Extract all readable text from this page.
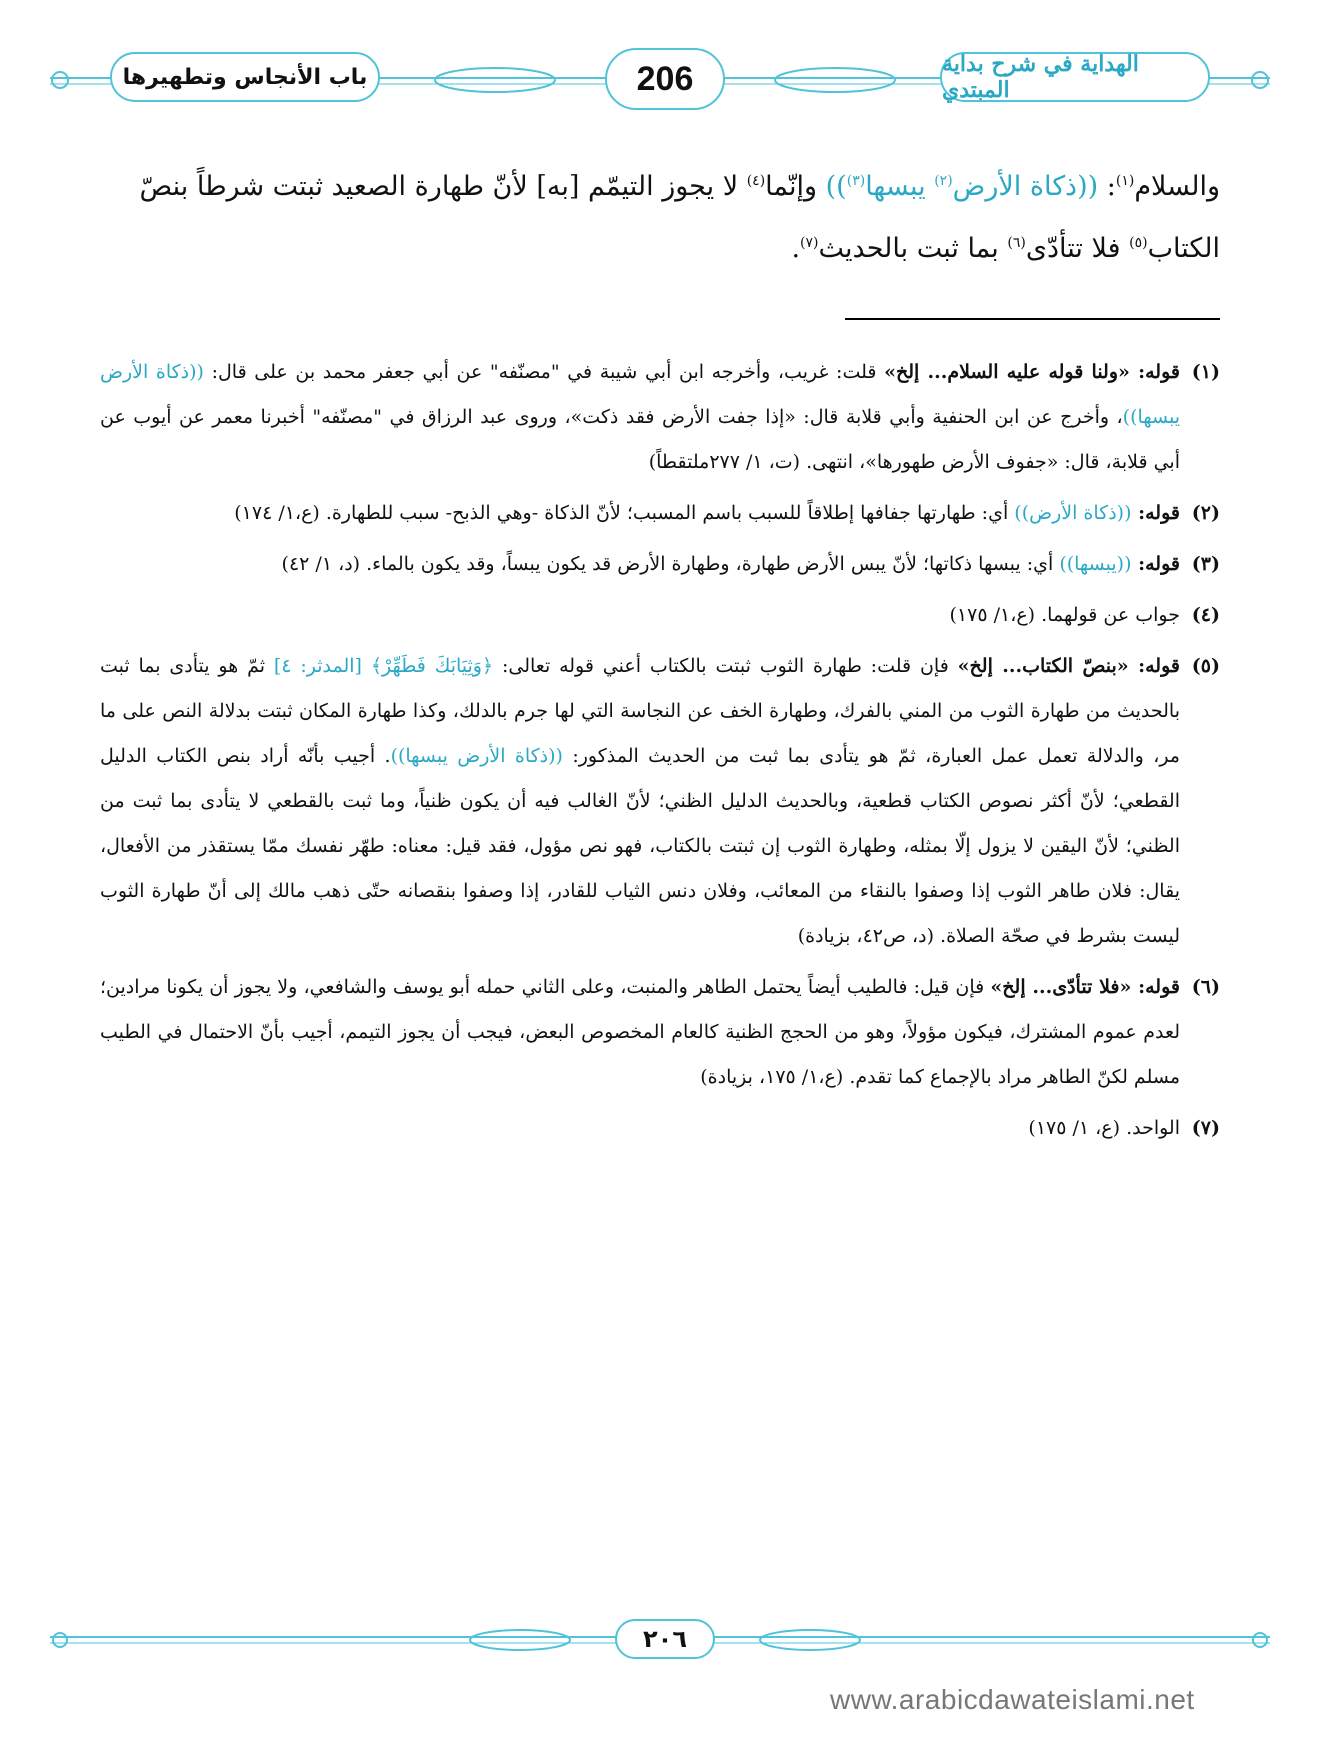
باب الأنجاس وتطهيرها	206	الهداية في شرح بداية المبتدي

والسلام$^{(١)}$: ((ذكاة الأرض$^{(٢)}$ يبسها$^{(٣)}$)) وإنّما$^{(٤)}$ لا يجوز التيمّم [به] لأنّ طهارة الصعيد ثبتت شرطاً بنصّ

الكتاب$^{(٥)}$ فلا تتأدّى$^{(٦)}$ بما ثبت بالحديث$^{(٧)}$.

(١)
قوله: «ولنا قوله عليه السلام... إلخ» قلت: غريب، وأخرجه ابن أبي شيبة في "مصنّفه" عن أبي جعفر محمد بن على قال: ((ذكاة الأرض يبسها))، وأخرج عن ابن الحنفية وأبي قلابة قال: «إذا جفت الأرض فقد ذكت»، وروى عبد الرزاق في "مصنّفه" أخبرنا معمر عن أيوب عن أبي قلابة، قال: «جفوف الأرض طهورها»، انتهى. (ت، ١/ ٢٧٧ملتقطاً)

(٢)
قوله: ((ذكاة الأرض)) أي: طهارتها جفافها إطلاقاً للسبب باسم المسبب؛ لأنّ الذكاة -وهي الذبح- سبب للطهارة. (ع،١/ ١٧٤)

(٣)
قوله: ((يبسها)) أي: يبسها ذكاتها؛ لأنّ يبس الأرض طهارة، وطهارة الأرض قد يكون يبساً، وقد يكون بالماء. (د، ١/ ٤٢)

(٤)
جواب عن قولهما. (ع،١/ ١٧٥)

(٥)
قوله: «بنصّ الكتاب... إلخ» فإن قلت: طهارة الثوب ثبتت بالكتاب أعني قوله تعالى: ﴿وَثِيَابَكَ فَطَهِّرْ﴾ [المدثر: ٤] ثمّ هو يتأدى بما ثبت بالحديث من طهارة الثوب من المني بالفرك، وطهارة الخف عن النجاسة التي لها جرم بالدلك، وكذا طهارة المكان ثبتت بدلالة النص على ما مر، والدلالة تعمل عمل العبارة، ثمّ هو يتأدى بما ثبت من الحديث المذكور: ((ذكاة الأرض يبسها)). أجيب بأنّه أراد بنص الكتاب الدليل القطعي؛ لأنّ أكثر نصوص الكتاب قطعية، وبالحديث الدليل الظني؛ لأنّ الغالب فيه أن يكون ظنياً، وما ثبت بالقطعي لا يتأدى بما ثبت من الظني؛ لأنّ اليقين لا يزول إلّا بمثله، وطهارة الثوب إن ثبتت بالكتاب، فهو نص مؤول، فقد قيل: معناه: طهّر نفسك ممّا يستقذر من الأفعال، يقال: فلان طاهر الثوب إذا وصفوا بالنقاء من المعائب، وفلان دنس الثياب للقادر، إذا وصفوا بنقصانه حتّى ذهب مالك إلى أنّ طهارة الثوب ليست بشرط في صحّة الصلاة. (د، ص٤٢، بزيادة)

(٦)
قوله: «فلا تتأدّى... إلخ» فإن قيل: فالطيب أيضاً يحتمل الطاهر والمنبت، وعلى الثاني حمله أبو يوسف والشافعي، ولا يجوز أن يكونا مرادين؛ لعدم عموم المشترك، فيكون مؤولاً، وهو من الحجج الظنية كالعام المخصوص البعض، فيجب أن يجوز التيمم، أجيب بأنّ الاحتمال في الطيب مسلم لكنّ الطاهر مراد بالإجماع كما تقدم. (ع،١/ ١٧٥، بزيادة)

(٧)
الواحد. (ع، ١/ ١٧٥)

٢٠٦
www.arabicdawateislami.net
